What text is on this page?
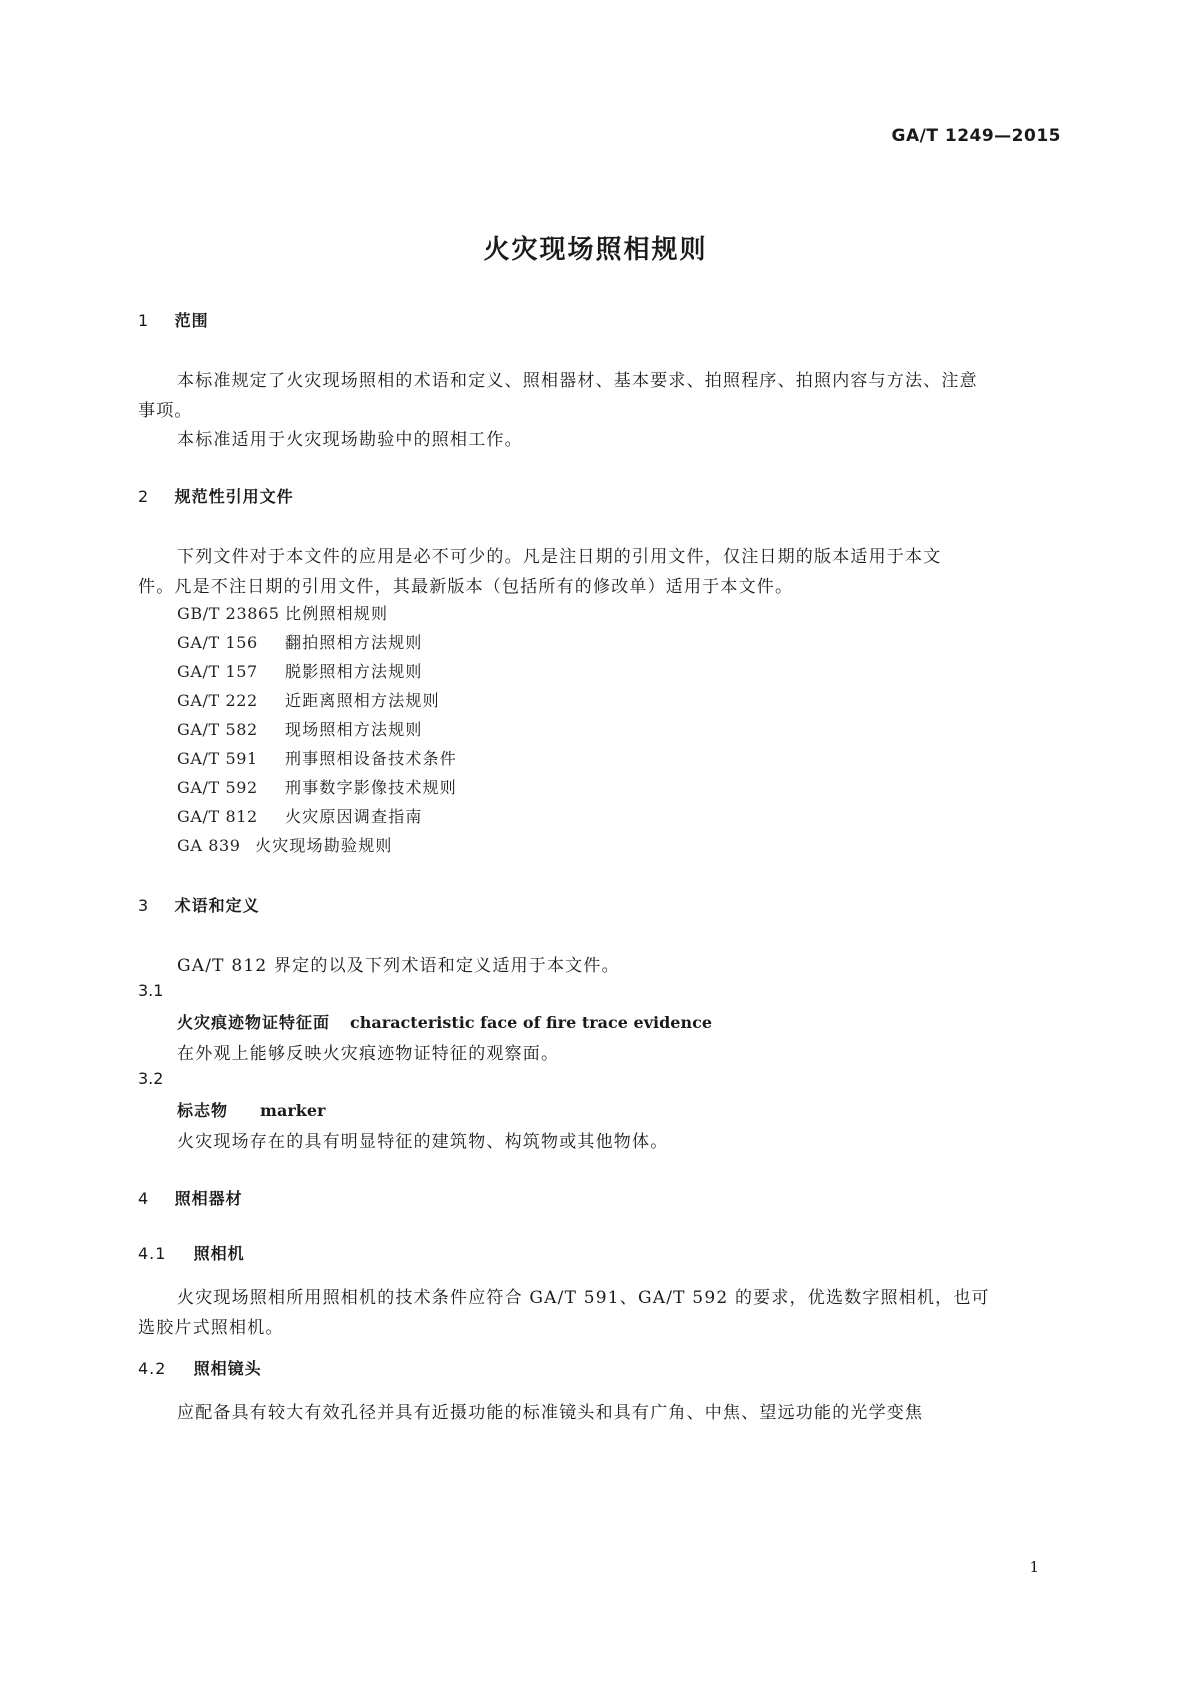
GA/T 1249—2015
火灾现场照相规则
1 范围
本标准规定了火灾现场照相的术语和定义、照相器材、基本要求、拍照程序、拍照内容与方法、注意
事项。
本标准适用于火灾现场勘验中的照相工作。
2 规范性引用文件
下列文件对于本文件的应用是必不可少的。凡是注日期的引用文件，仅注日期的版本适用于本文
件。凡是不注日期的引用文件，其最新版本（包括所有的修改单）适用于本文件。
GB/T 23865 比例照相规则
GA/T 156 翻拍照相方法规则
GA/T 157 脱影照相方法规则
GA/T 222 近距离照相方法规则
GA/T 582 现场照相方法规则
GA/T 591 刑事照相设备技术条件
GA/T 592 刑事数字影像技术规则
GA/T 812 火灾原因调查指南
GA 839 火灾现场勘验规则
3 术语和定义
GA/T 812 界定的以及下列术语和定义适用于本文件。
3.1
火灾痕迹物证特征面 characteristic face of fire trace evidence
在外观上能够反映火灾痕迹物证特征的观察面。
3.2
标志物 marker
火灾现场存在的具有明显特征的建筑物、构筑物或其他物体。
4 照相器材
4.1 照相机
火灾现场照相所用照相机的技术条件应符合 GA/T 591、GA/T 592 的要求，优选数字照相机，也可
选胶片式照相机。
4.2 照相镜头
应配备具有较大有效孔径并具有近摄功能的标准镜头和具有广角、中焦、望远功能的光学变焦
1
